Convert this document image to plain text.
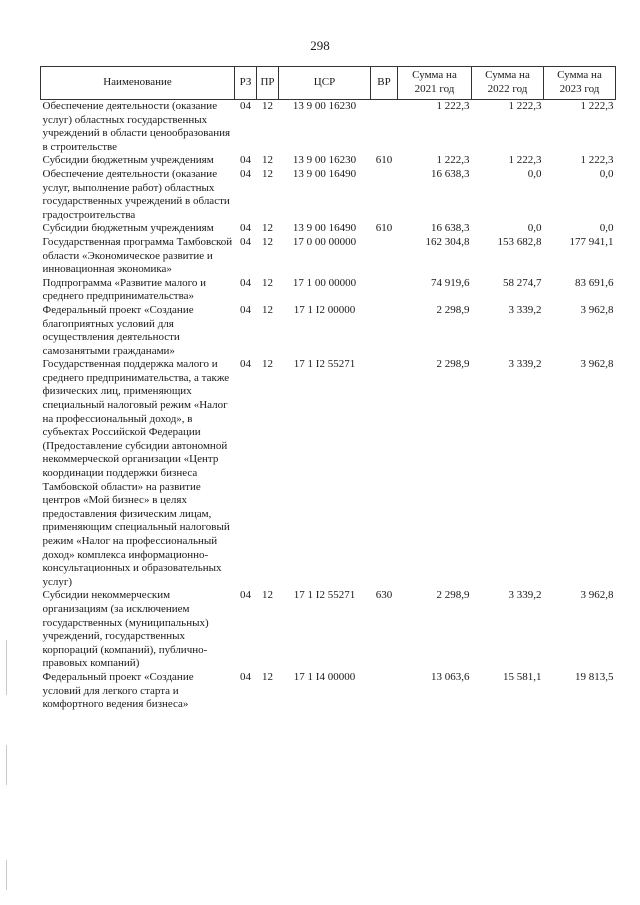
298
Наименование	РЗ	ПР	ЦСР	ВР	Сумма на 2021 год	Сумма на 2022 год	Сумма на 2023 год
Обеспечение деятельности (оказание услуг) областных государственных учреждений в области ценообразования в строительстве	04	12	13 9 00 16230		1 222,3	1 222,3	1 222,3
Субсидии бюджетным учреждениям	04	12	13 9 00 16230	610	1 222,3	1 222,3	1 222,3
Обеспечение деятельности (оказание услуг, выполнение работ) областных государственных учреждений в области градостроительства	04	12	13 9 00 16490		16 638,3	0,0	0,0
Субсидии бюджетным учреждениям	04	12	13 9 00 16490	610	16 638,3	0,0	0,0
Государственная программа Тамбовской области «Экономическое развитие и инновационная экономика»	04	12	17 0 00 00000		162 304,8	153 682,8	177 941,1
Подпрограмма «Развитие малого и среднего предпринимательства»	04	12	17 1 00 00000		74 919,6	58 274,7	83 691,6
Федеральный проект «Создание благоприятных условий для осуществления деятельности самозанятыми гражданами»	04	12	17 1 I2 00000		2 298,9	3 339,2	3 962,8
Государственная поддержка малого и среднего предпринимательства, а также физических лиц, применяющих специальный налоговый режим «Налог на профессиональный доход», в субъектах Российской Федерации (Предоставление субсидии автономной некоммерческой организации «Центр координации поддержки бизнеса Тамбовской области» на развитие центров «Мой бизнес» в целях предоставления физическим лицам, применяющим специальный налоговый режим «Налог на профессиональный доход» комплекса информационно-консультационных и образовательных услуг)	04	12	17 1 I2 55271		2 298,9	3 339,2	3 962,8
Субсидии некоммерческим организациям (за исключением государственных (муниципальных) учреждений, государственных корпораций (компаний), публично-правовых компаний)	04	12	17 1 I2 55271	630	2 298,9	3 339,2	3 962,8
Федеральный проект «Создание условий для легкого старта и комфортного ведения бизнеса»	04	12	17 1 I4 00000		13 063,6	15 581,1	19 813,5
